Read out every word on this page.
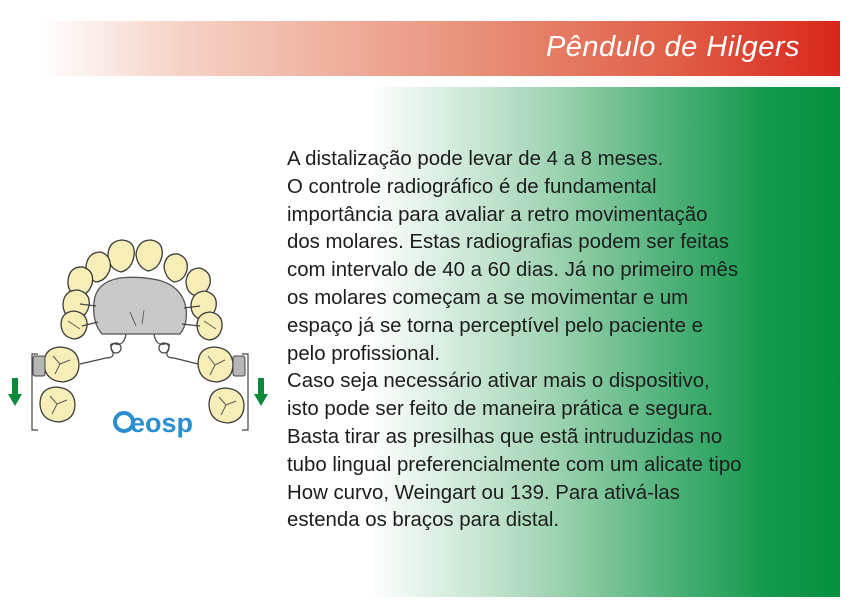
Pêndulo de Hilgers
eosp
A distalização pode levar de 4 a 8 meses.
O controle radiográfico é de fundamental
importância para avaliar a retro movimentação
dos molares. Estas radiografias podem ser feitas
com intervalo de 40 a 60 dias. Já no primeiro mês
os molares começam a se movimentar e um
espaço já se torna perceptível pelo paciente e
pelo profissional.
Caso seja necessário ativar mais o dispositivo,
isto pode ser feito de maneira prática e segura.
Basta tirar as presilhas que estã intruduzidas no
tubo lingual preferencialmente com um alicate tipo
How curvo, Weingart ou 139. Para ativá-las
estenda os braços para distal.
